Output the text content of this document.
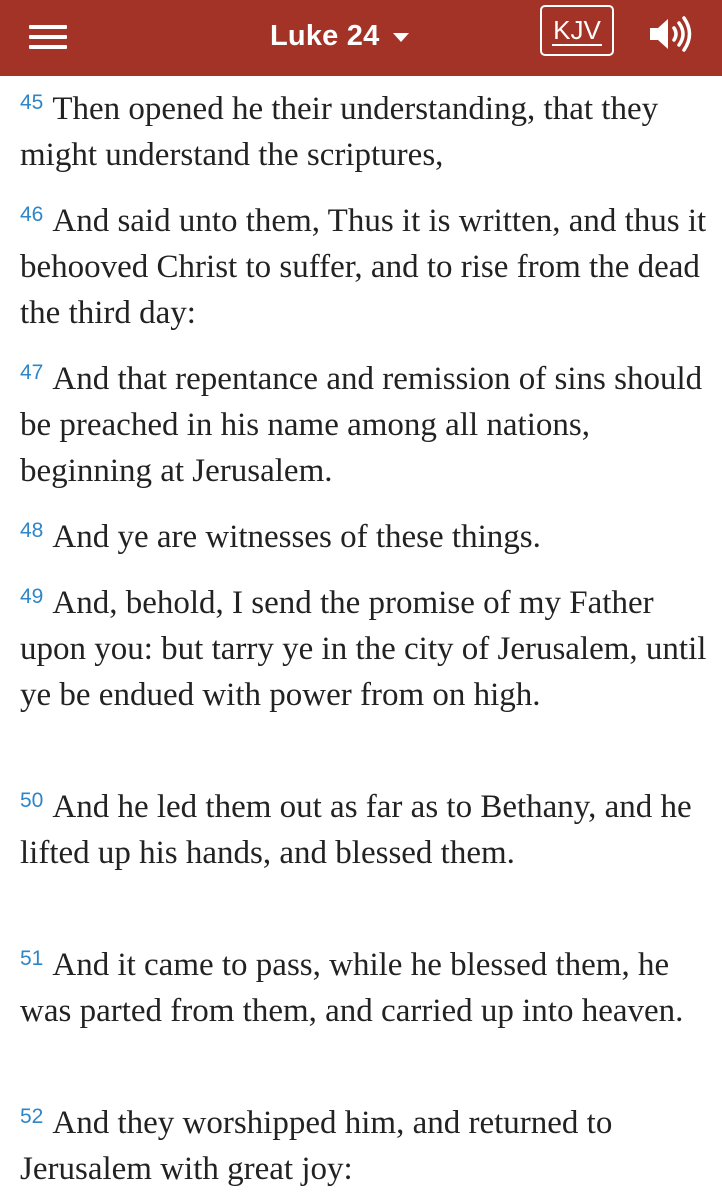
Luke 24	KJV
$^{45}$ Then opened he their understanding, that they might understand the scriptures,
$^{46}$ And said unto them, Thus it is written, and thus it behooved Christ to suffer, and to rise from the dead the third day:
$^{47}$ And that repentance and remission of sins should be preached in his name among all nations, beginning at Jerusalem.
$^{48}$ And ye are witnesses of these things.
$^{49}$ And, behold, I send the promise of my Father upon you: but tarry ye in the city of Jerusalem, until ye be endued with power from on high.
$^{50}$ And he led them out as far as to Bethany, and he lifted up his hands, and blessed them.
$^{51}$ And it came to pass, while he blessed them, he was parted from them, and carried up into heaven.
$^{52}$ And they worshipped him, and returned to Jerusalem with great joy:
